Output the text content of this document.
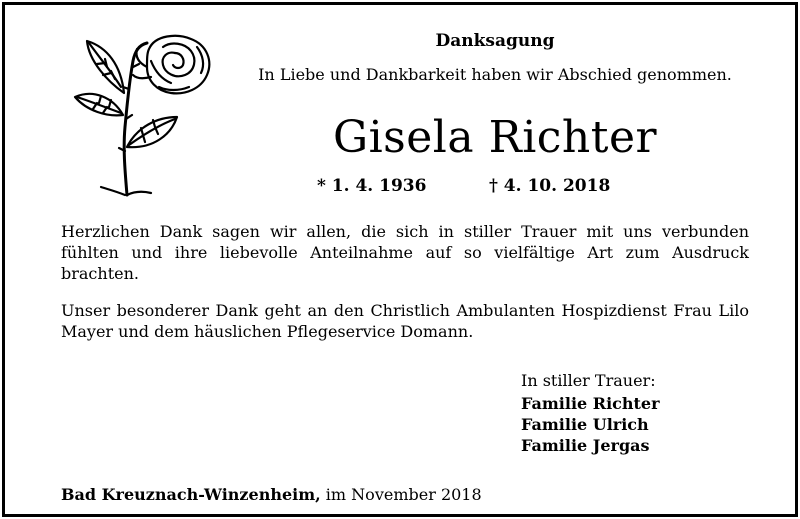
Danksagung
In Liebe und Dankbarkeit haben wir Abschied genommen.
Gisela Richter
* 1. 4. 1936	† 4. 10. 2018
Herzlichen Dank sagen wir allen, die sich in stiller Trauer mit uns verbunden fühlten und ihre liebevolle Anteilnahme auf so vielfältige Art zum Ausdruck brachten.
Unser besonderer Dank geht an den Christlich Ambulanten Hospizdienst Frau Lilo Mayer und dem häuslichen Pflegeservice Domann.
In stiller Trauer:
Familie Richter
Familie Ulrich
Familie Jergas
Bad Kreuznach-Winzenheim, im November 2018
